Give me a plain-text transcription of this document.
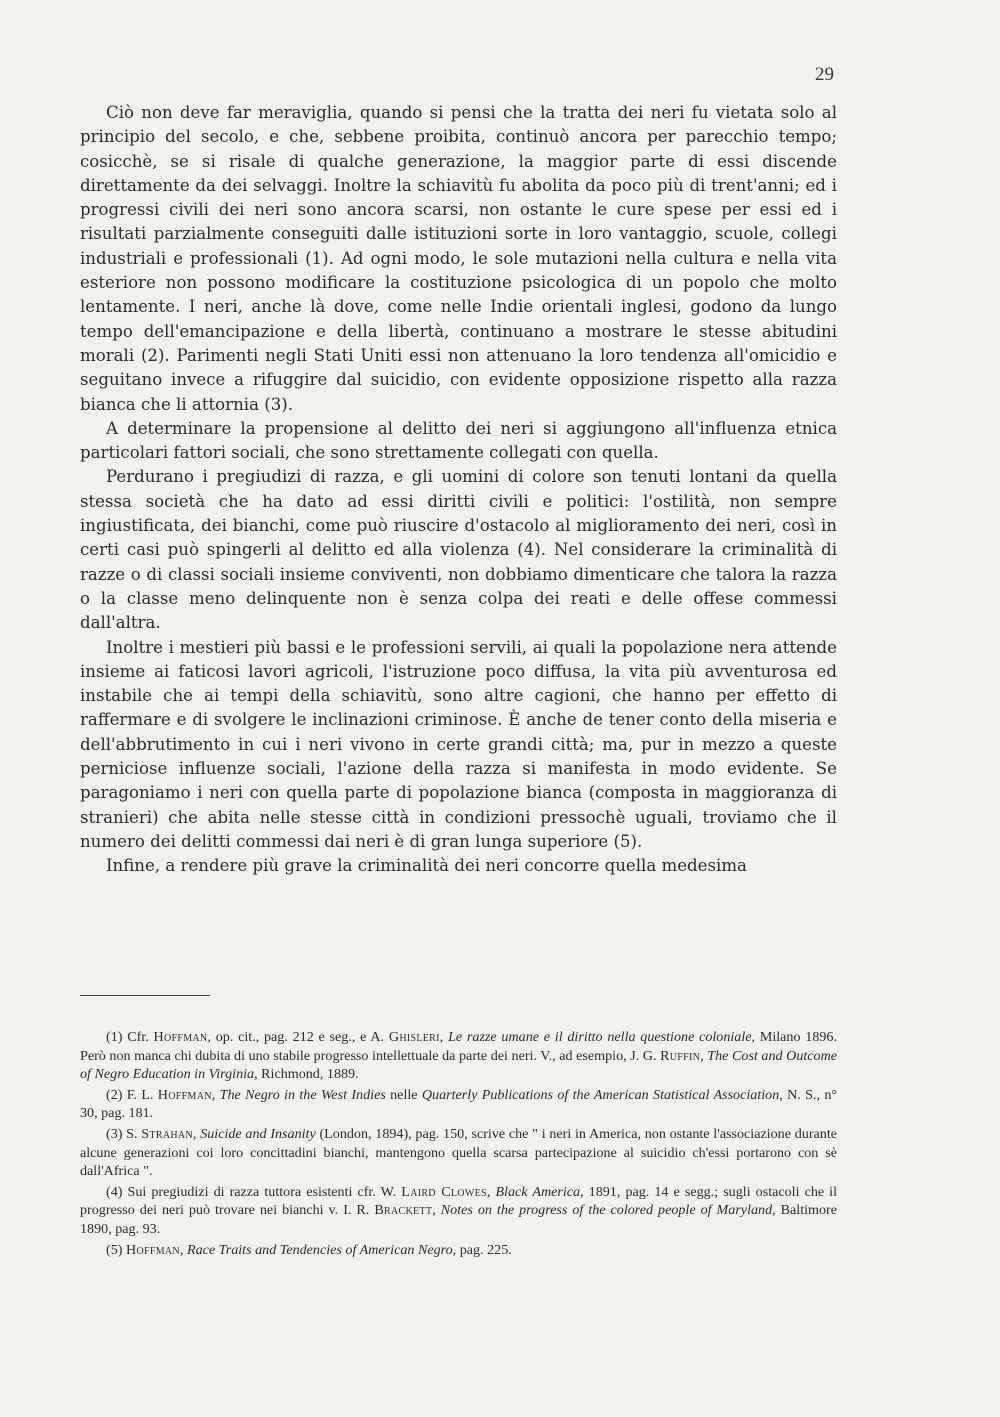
29

Ciò non deve far meraviglia, quando si pensi che la tratta dei neri fu vietata solo al principio del secolo, e che, sebbene proibita, continuò ancora per parecchio tempo; cosicchè, se si risale di qualche generazione, la maggior parte di essi discende direttamente da dei selvaggi. Inoltre la schiavitù fu abolita da poco più di trent'anni; ed i progressi civili dei neri sono ancora scarsi, non ostante le cure spese per essi ed i risultati parzialmente conseguiti dalle istituzioni sorte in loro vantaggio, scuole, collegi industriali e professionali (1). Ad ogni modo, le sole mutazioni nella cultura e nella vita esteriore non possono modificare la costituzione psicologica di un popolo che molto lentamente. I neri, anche là dove, come nelle Indie orientali inglesi, godono da lungo tempo dell'emancipazione e della libertà, continuano a mostrare le stesse abitudini morali (2). Parimenti negli Stati Uniti essi non attenuano la loro tendenza all'omicidio e seguitano invece a rifuggire dal suicidio, con evidente opposizione rispetto alla razza bianca che li attornia (3).

A determinare la propensione al delitto dei neri si aggiungono all'influenza etnica particolari fattori sociali, che sono strettamente collegati con quella.

Perdurano i pregiudizi di razza, e gli uomini di colore son tenuti lontani da quella stessa società che ha dato ad essi diritti civili e politici: l'ostilità, non sempre ingiustificata, dei bianchi, come può riuscire d'ostacolo al miglioramento dei neri, così in certi casi può spingerli al delitto ed alla violenza (4). Nel considerare la criminalità di razze o di classi sociali insieme conviventi, non dobbiamo dimenticare che talora la razza o la classe meno delinquente non è senza colpa dei reati e delle offese commessi dall'altra.

Inoltre i mestieri più bassi e le professioni servili, ai quali la popolazione nera attende insieme ai faticosi lavori agricoli, l'istruzione poco diffusa, la vita più avventurosa ed instabile che ai tempi della schiavitù, sono altre cagioni, che hanno per effetto di raffermare e di svolgere le inclinazioni criminose. È anche de tener conto della miseria e dell'abbrutimento in cui i neri vivono in certe grandi città; ma, pur in mezzo a queste perniciose influenze sociali, l'azione della razza si manifesta in modo evidente. Se paragoniamo i neri con quella parte di popolazione bianca (composta in maggioranza di stranieri) che abita nelle stesse città in condizioni pressochè uguali, troviamo che il numero dei delitti commessi dai neri è di gran lunga superiore (5).

Infine, a rendere più grave la criminalità dei neri concorre quella medesima

(1) Cfr. Hoffman, op. cit., pag. 212 e seg., e A. Ghisleri, Le razze umane e il diritto nella questione coloniale, Milano 1896. Però non manca chi dubita di uno stabile progresso intellettuale da parte dei neri. V., ad esempio, J. G. Ruffin, The Cost and Outcome of Negro Education in Virginia, Richmond, 1889.

(2) F. L. Hoffman, The Negro in the West Indies nelle Quarterly Publications of the American Statistical Association, N. S., n° 30, pag. 181.

(3) S. Strahan, Suicide and Insanity (London, 1894), pag. 150, scrive che " i neri in America, non ostante l'associazione durante alcune generazioni coi loro concittadini bianchi, mantengono quella scarsa partecipazione al suicidio ch'essi portarono con sè dall'Africa ".

(4) Sui pregiudizi di razza tuttora esistenti cfr. W. Laird Clowes, Black America, 1891, pag. 14 e segg.; sugli ostacoli che il progresso dei neri può trovare nei bianchi v. I. R. Brackett, Notes on the progress of the colored people of Maryland, Baltimore 1890, pag. 93.

(5) Hoffman, Race Traits and Tendencies of American Negro, pag. 225.
